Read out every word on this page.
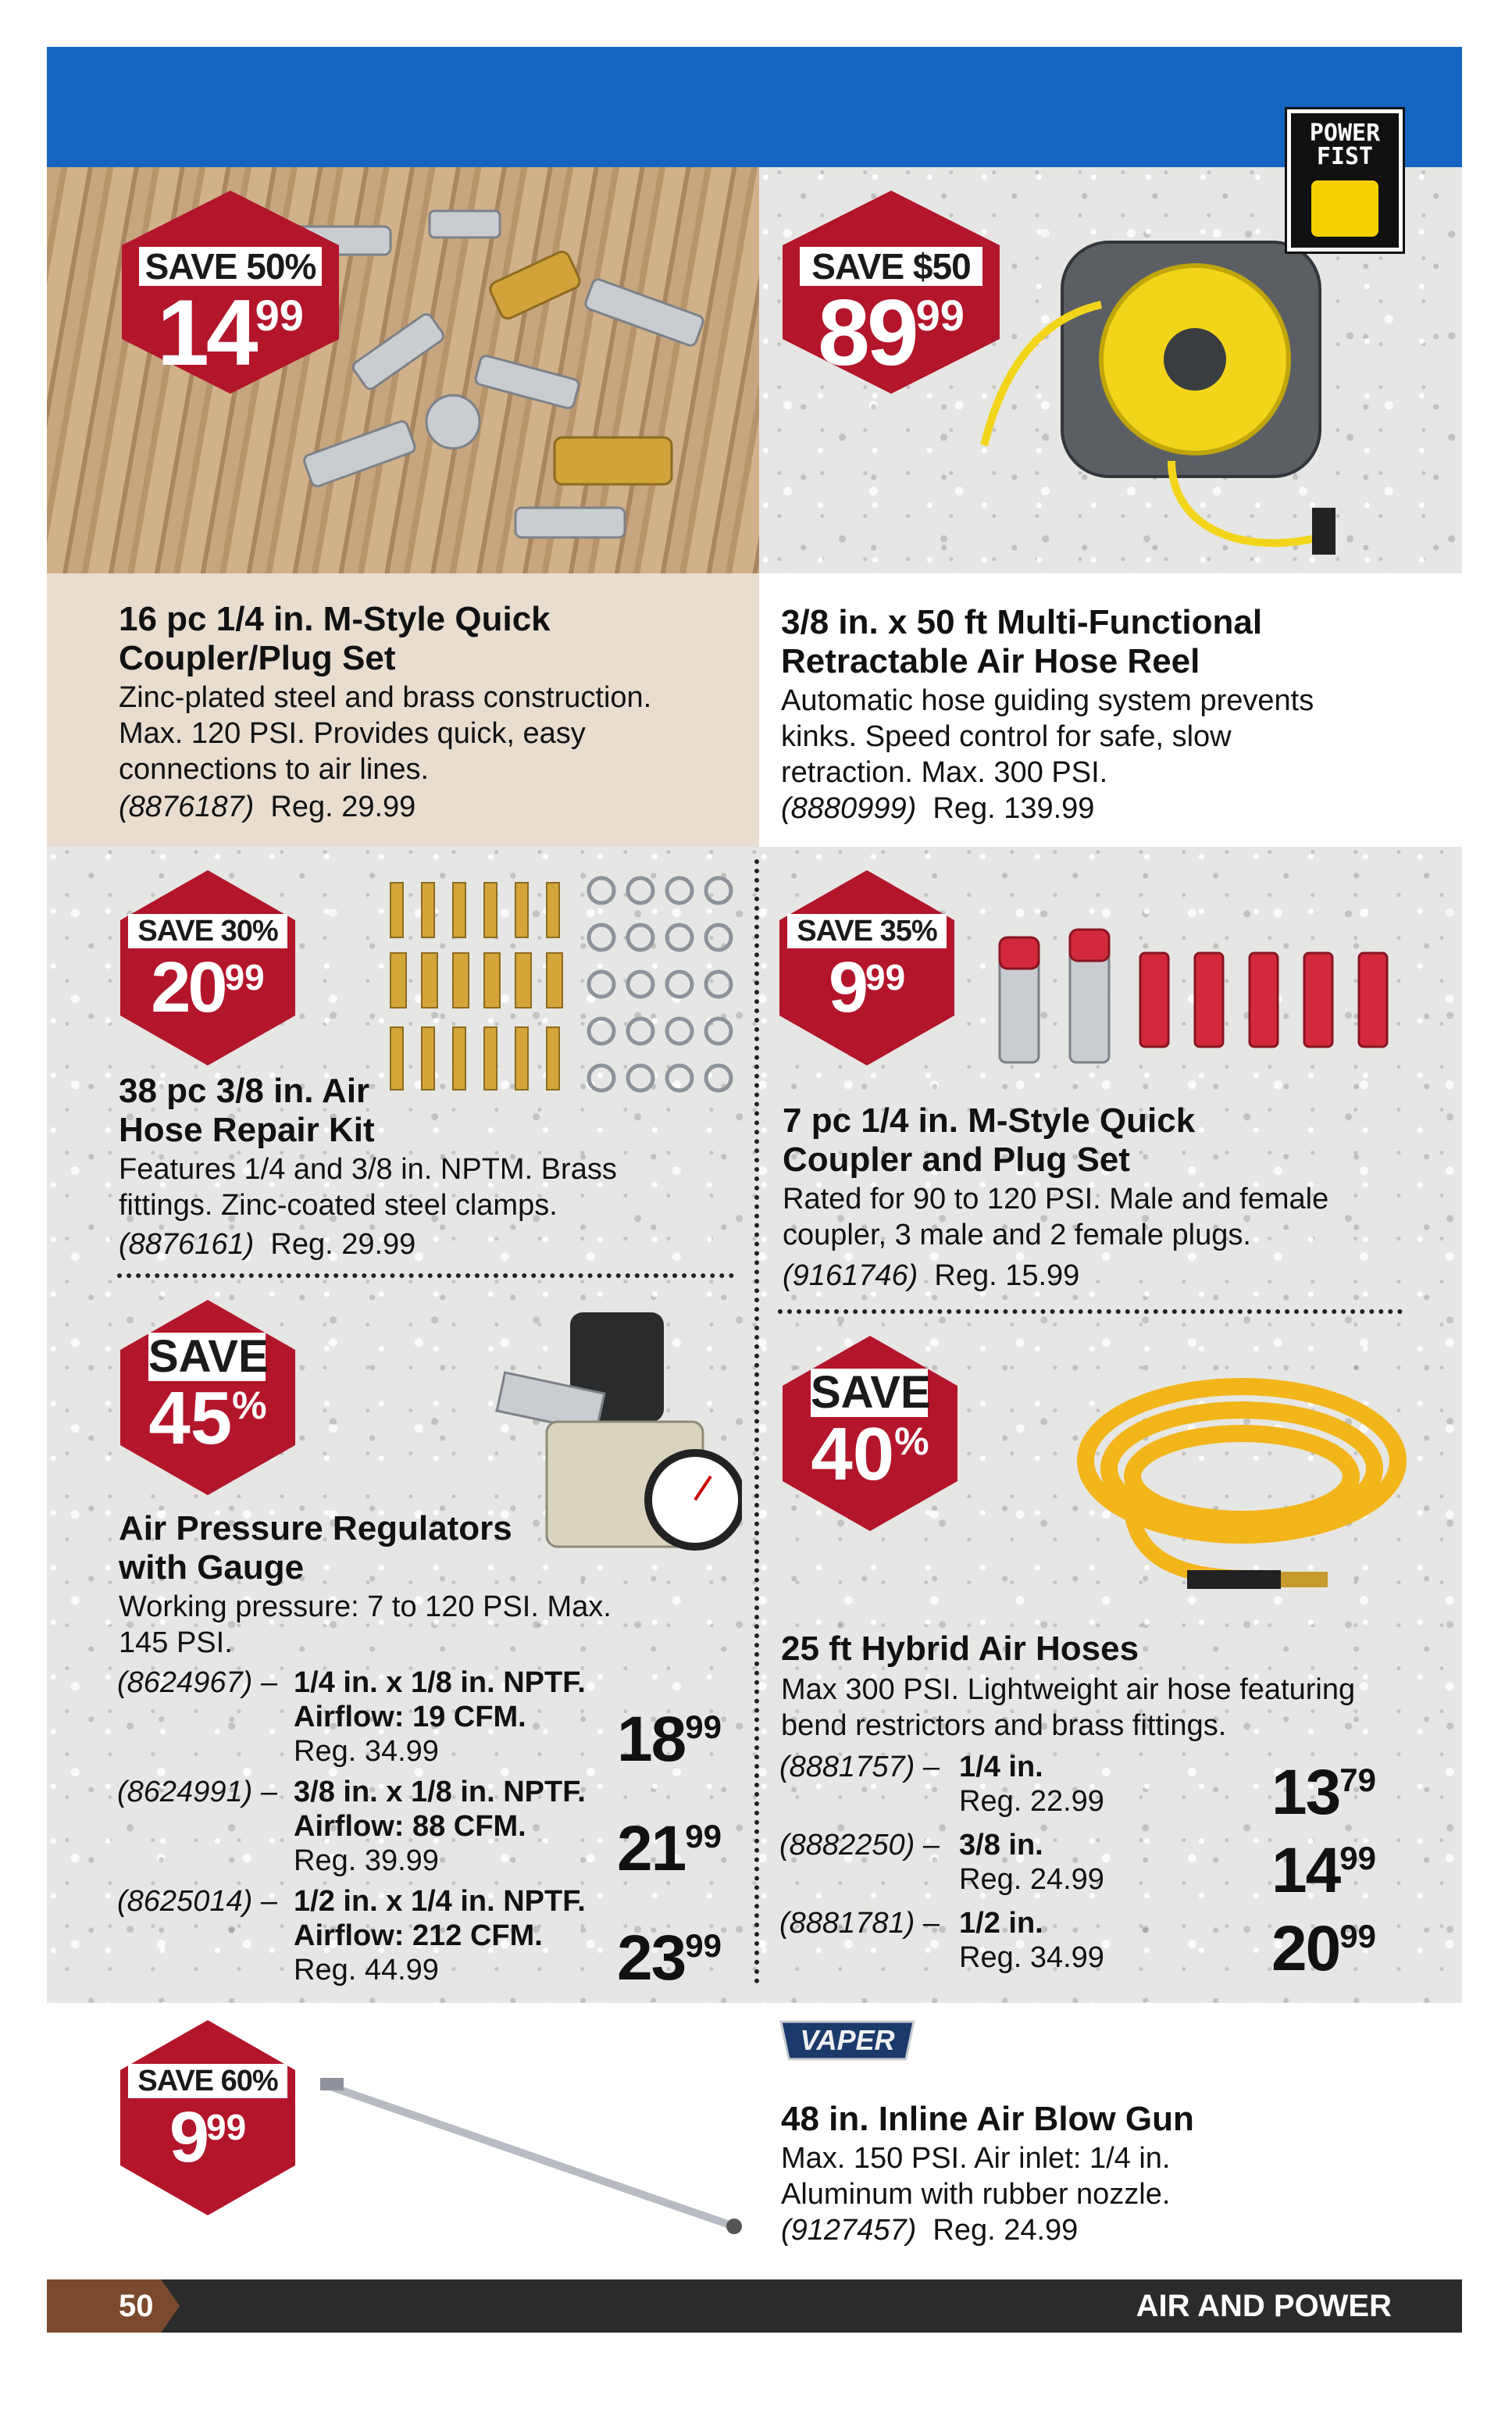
POWER
FIST
VAPER
SAVE 50%
1499
16 pc 1/4 in. M-Style Quick Coupler/Plug Set
Zinc-plated steel and brass construction. Max. 120 PSI. Provides quick, easy connections to air lines.
(8876187) Reg. 29.99
SAVE $50
8999
3/8 in. x 50 ft Multi-Functional Retractable Air Hose Reel
Automatic hose guiding system prevents kinks. Speed control for safe, slow retraction. Max. 300 PSI.
(8880999) Reg. 139.99
SAVE 30%
2099
38 pc 3/8 in. Air Hose Repair Kit
Features 1/4 and 3/8 in. NPTM. Brass fittings. Zinc-coated steel clamps.
(8876161) Reg. 29.99
SAVE 35%
999
7 pc 1/4 in. M-Style Quick Coupler and Plug Set
Rated for 90 to 120 PSI. Male and female coupler, 3 male and 2 female plugs.
(9161746) Reg. 15.99
SAVE
45%
Air Pressure Regulators with Gauge
Working pressure: 7 to 120 PSI. Max. 145 PSI.
(8624967) – 1/4 in. x 1/8 in. NPTF.
Airflow: 19 CFM.
Reg. 34.99	1899
(8624991) – 3/8 in. x 1/8 in. NPTF.
Airflow: 88 CFM.
Reg. 39.99	2199
(8625014) – 1/2 in. x 1/4 in. NPTF.
Airflow: 212 CFM.
Reg. 44.99	2399
SAVE
40%
25 ft Hybrid Air Hoses
Max 300 PSI. Lightweight air hose featuring bend restrictors and brass fittings.
(8881757) – 1/4 in.
Reg. 22.99	1379
(8882250) – 3/8 in.
Reg. 24.99	1499
(8881781) – 1/2 in.
Reg. 34.99	2099
SAVE 60%
999	48 in. Inline Air Blow Gun
Max. 150 PSI. Air inlet: 1/4 in. Aluminum with rubber nozzle.
(9127457) Reg. 24.99
50	AIR AND POWER
